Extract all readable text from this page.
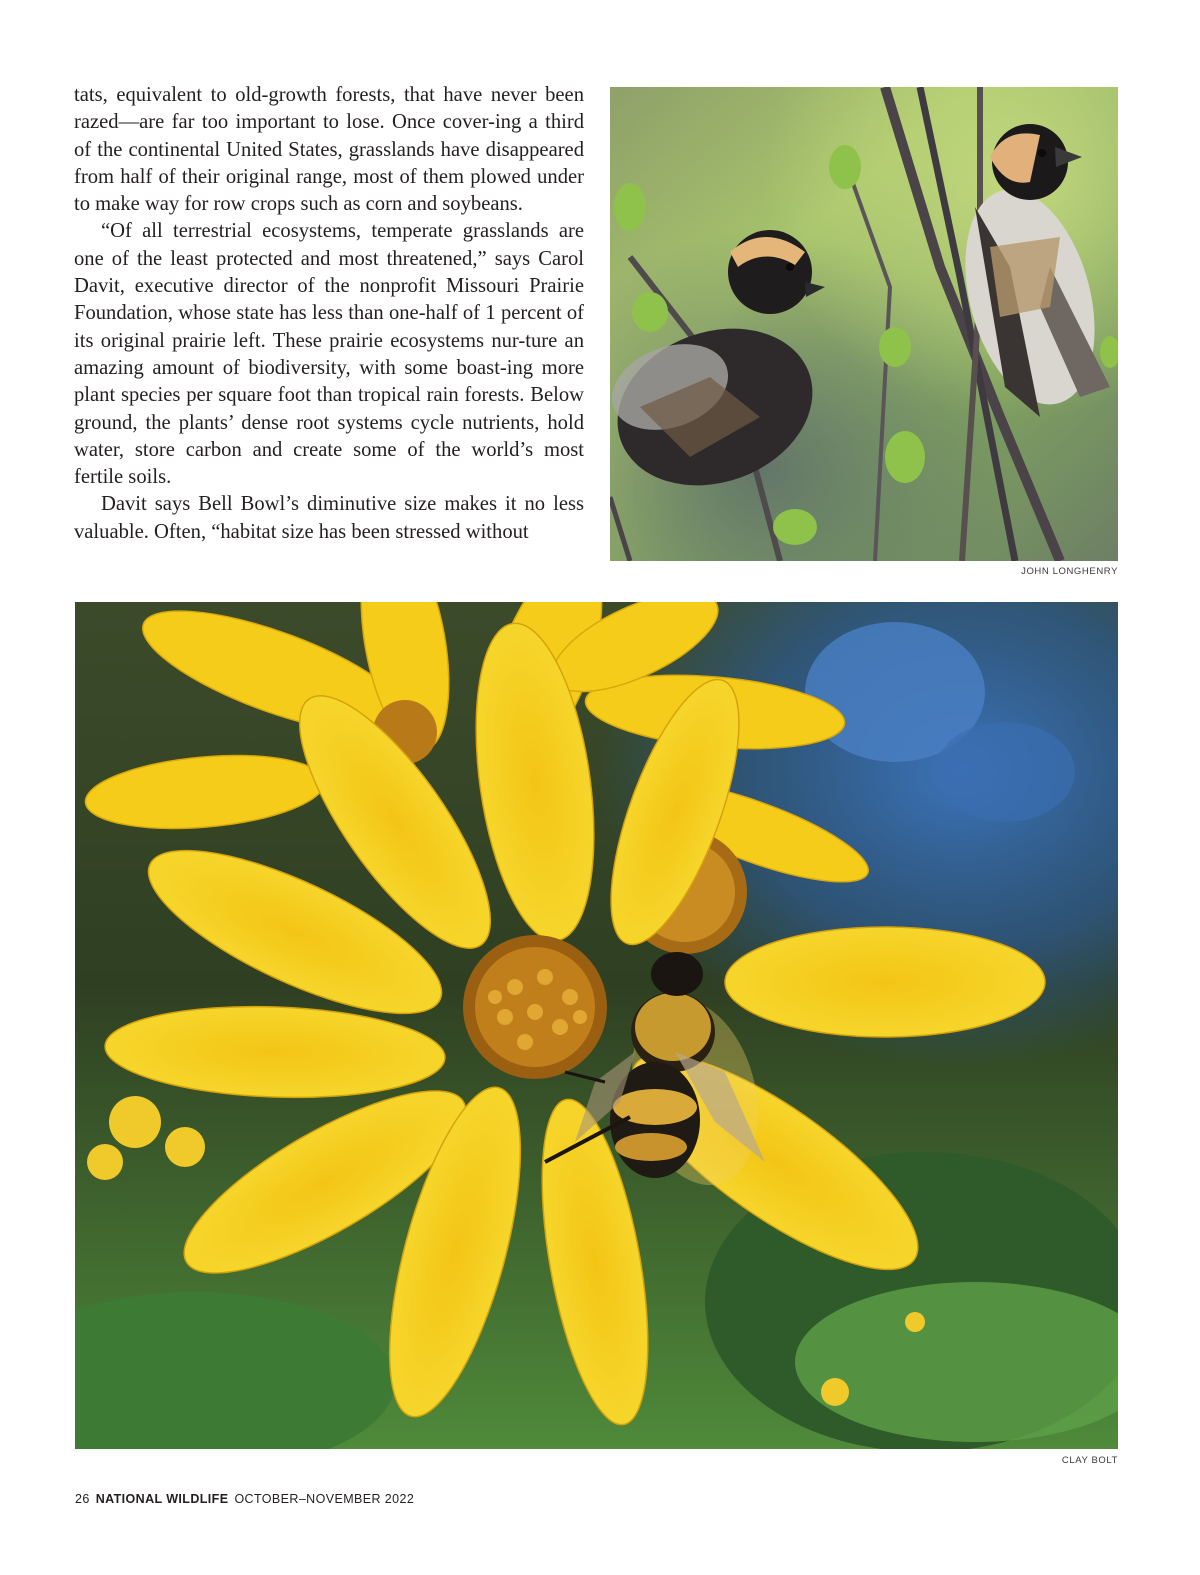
tats, equivalent to old-growth forests, that have never been razed—are far too important to lose. Once cover-ing a third of the continental United States, grasslands have disappeared from half of their original range, most of them plowed under to make way for row crops such as corn and soybeans.

“Of all terrestrial ecosystems, temperate grasslands are one of the least protected and most threatened,” says Carol Davit, executive director of the nonprofit Missouri Prairie Foundation, whose state has less than one-half of 1 percent of its original prairie left. These prairie ecosystems nur-ture an amazing amount of biodiversity, with some boast-ing more plant species per square foot than tropical rain forests. Below ground, the plants’ dense root systems cycle nutrients, hold water, store carbon and create some of the world’s most fertile soils.

Davit says Bell Bowl’s diminutive size makes it no less valuable. Often, “habitat size has been stressed without

JOHN LONGHENRY
CLAY BOLT
26 NATIONAL WILDLIFE OCTOBER–NOVEMBER 2022
